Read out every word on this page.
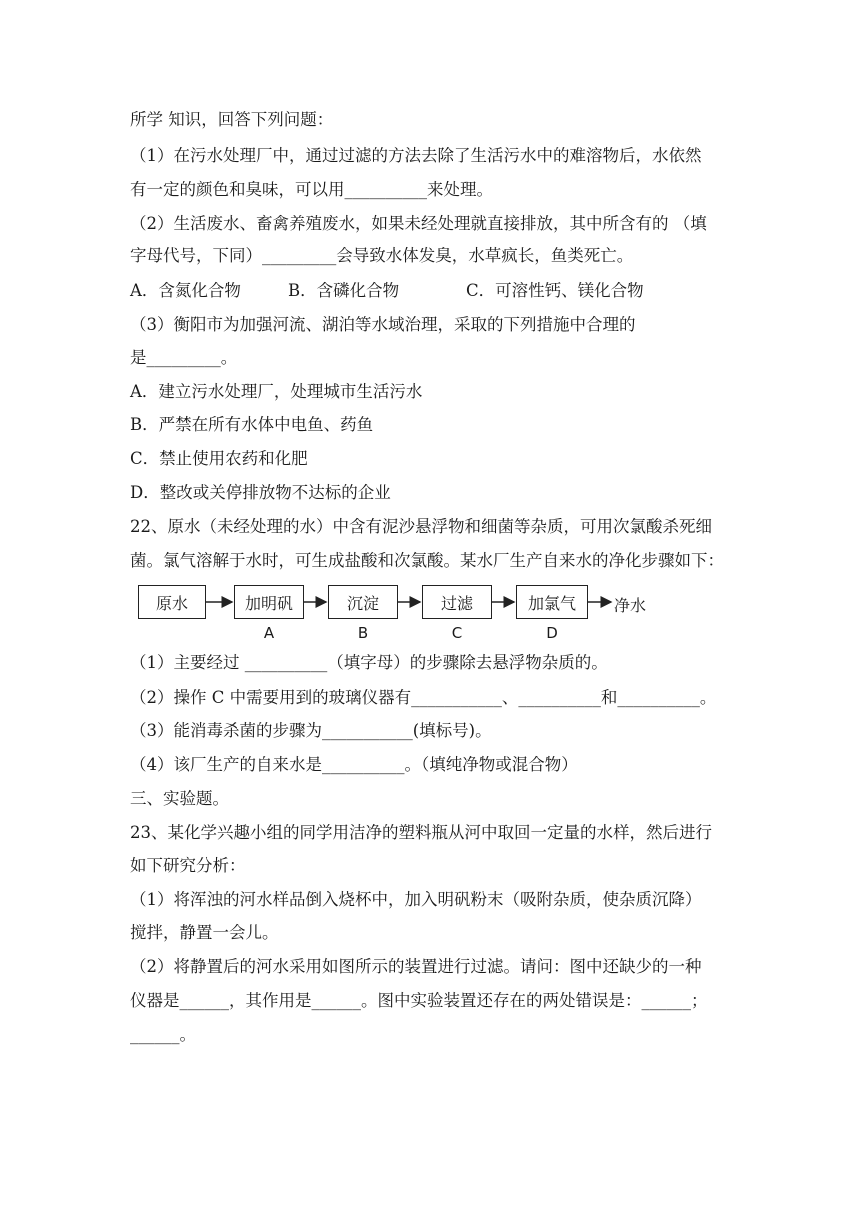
所学 知识，回答下列问题：
（1）在污水处理厂中，通过过滤的方法去除了生活污水中的难溶物后，水依然
有一定的颜色和臭味，可以用__________来处理。
（2）生活废水、畜禽养殖废水，如果未经处理就直接排放，其中所含有的 （填
字母代号，下同）_________会导致水体发臭，水草疯长，鱼类死亡。
A．含氮化合物	B．含磷化合物	C．可溶性钙、镁化合物
（3）衡阳市为加强河流、湖泊等水域治理，采取的下列措施中合理的
是_________。
A．建立污水处理厂，处理城市生活污水
B．严禁在所有水体中电鱼、药鱼
C．禁止使用农药和化肥
D．整改或关停排放物不达标的企业
22、原水（未经处理的水）中含有泥沙悬浮物和细菌等杂质，可用次氯酸杀死细
菌。氯气溶解于水时，可生成盐酸和次氯酸。某水厂生产自来水的净化步骤如下：
原水	加明矾	沉淀	过滤	加氯气	净水
A	B	C	D
（1）主要经过 __________（填字母）的步骤除去悬浮物杂质的。
（2）操作 C 中需要用到的玻璃仪器有___________、__________和__________。
（3）能消毒杀菌的步骤为___________(填标号)。
（4）该厂生产的自来水是__________。（填纯净物或混合物）
三、实验题。
23、某化学兴趣小组的同学用洁净的塑料瓶从河中取回一定量的水样，然后进行
如下研究分析：
（1）将浑浊的河水样品倒入烧杯中，加入明矾粉末（吸附杂质，使杂质沉降）
搅拌，静置一会儿。
（2）将静置后的河水采用如图所示的装置进行过滤。请问：图中还缺少的一种
仪器是______，其作用是______。图中实验装置还存在的两处错误是：______；
______。
